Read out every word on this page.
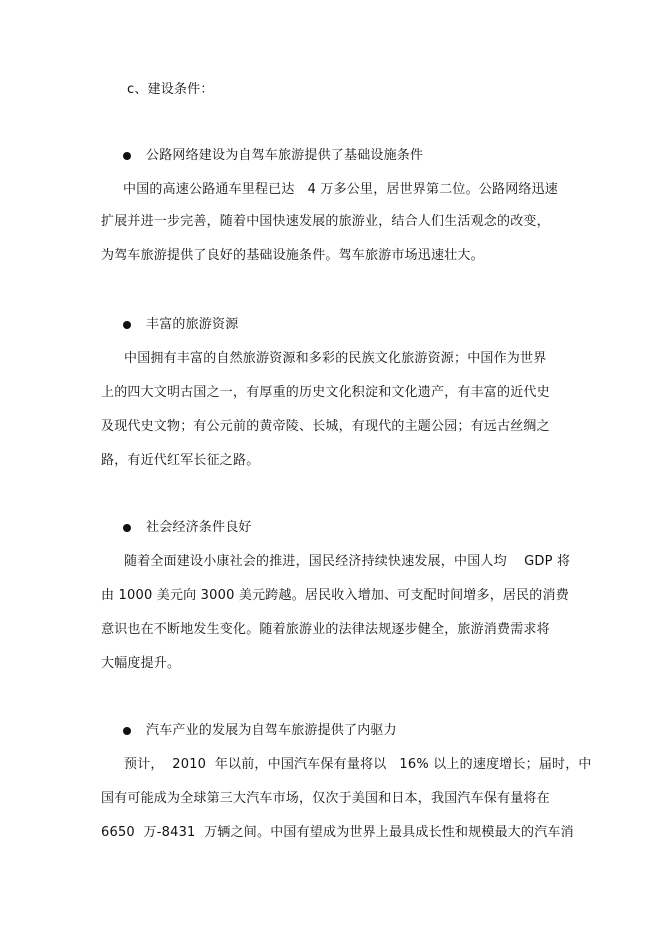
c、建设条件：
公路网络建设为自驾车旅游提供了基础设施条件
中国的高速公路通车里程已达   4 万多公里，居世界第二位。公路网络迅速
扩展并进一步完善，随着中国快速发展的旅游业，结合人们生活观念的改变，
为驾车旅游提供了良好的基础设施条件。驾车旅游市场迅速壮大。
丰富的旅游资源
中国拥有丰富的自然旅游资源和多彩的民族文化旅游资源；中国作为世界
上的四大文明古国之一，有厚重的历史文化积淀和文化遗产，有丰富的近代史
及现代史文物；有公元前的黄帝陵、长城，有现代的主题公园；有远古丝绸之
路，有近代红军长征之路。
社会经济条件良好
随着全面建设小康社会的推进，国民经济持续快速发展，中国人均    GDP 将
由 1000 美元向 3000 美元跨越。居民收入增加、可支配时间增多，居民的消费
意识也在不断地发生变化。随着旅游业的法律法规逐步健全，旅游消费需求将
大幅度提升。
汽车产业的发展为自驾车旅游提供了内驱力
预计，  2010  年以前，中国汽车保有量将以   16% 以上的速度增长；届时，中
国有可能成为全球第三大汽车市场，仅次于美国和日本，我国汽车保有量将在
6650  万-8431  万辆之间。中国有望成为世界上最具成长性和规模最大的汽车消
